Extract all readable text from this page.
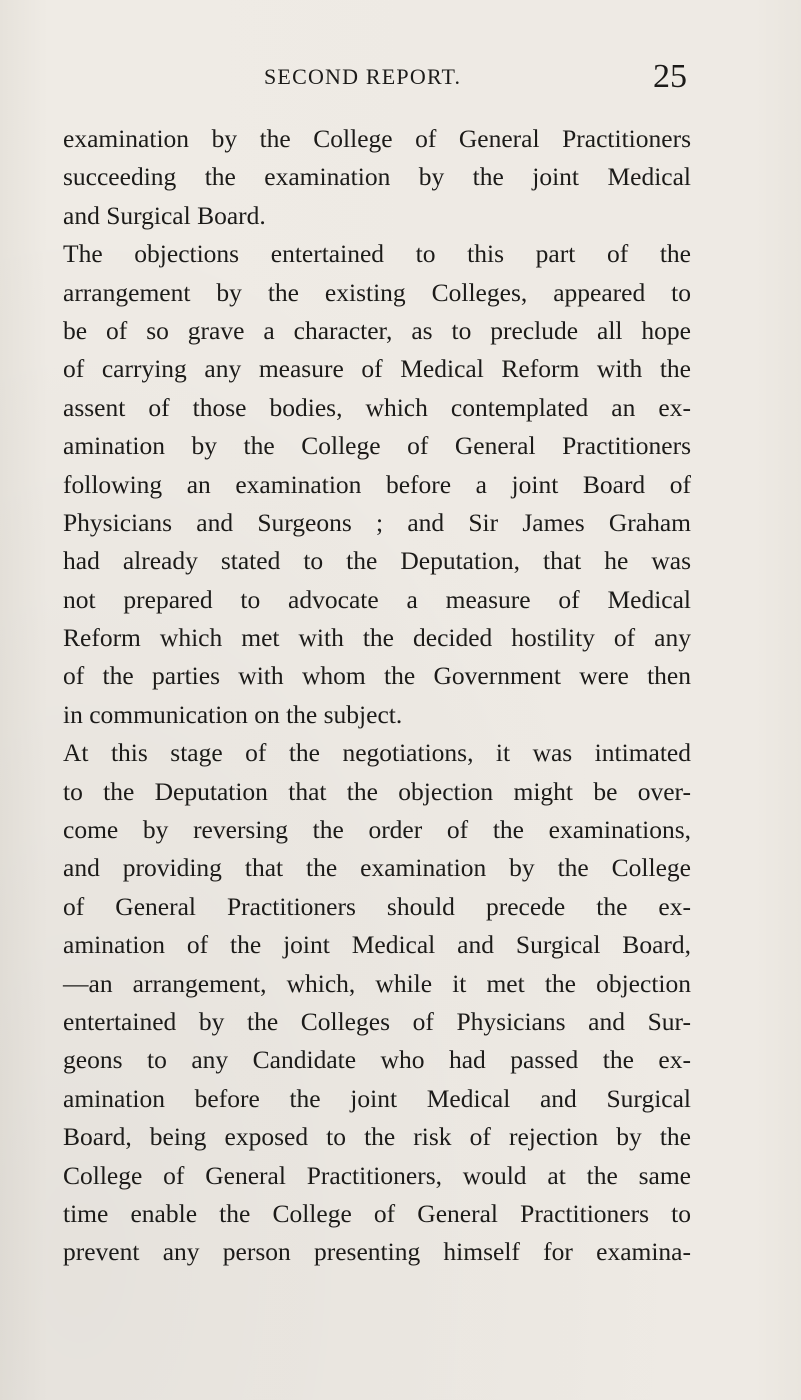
SECOND REPORT.	25
examination by the College of General Practitioners
succeeding the examination by the joint Medical
and Surgical Board.
The objections entertained to this part of the
arrangement by the existing Colleges, appeared to
be of so grave a character, as to preclude all hope
of carrying any measure of Medical Reform with the
assent of those bodies, which contemplated an ex-
amination by the College of General Practitioners
following an examination before a joint Board of
Physicians and Surgeons ; and Sir James Graham
had already stated to the Deputation, that he was
not prepared to advocate a measure of Medical
Reform which met with the decided hostility of any
of the parties with whom the Government were then
in communication on the subject.
At this stage of the negotiations, it was intimated
to the Deputation that the objection might be over-
come by reversing the order of the examinations,
and providing that the examination by the College
of General Practitioners should precede the ex-
amination of the joint Medical and Surgical Board,
—an arrangement, which, while it met the objection
entertained by the Colleges of Physicians and Sur-
geons to any Candidate who had passed the ex-
amination before the joint Medical and Surgical
Board, being exposed to the risk of rejection by the
College of General Practitioners, would at the same
time enable the College of General Practitioners to
prevent any person presenting himself for examina-
